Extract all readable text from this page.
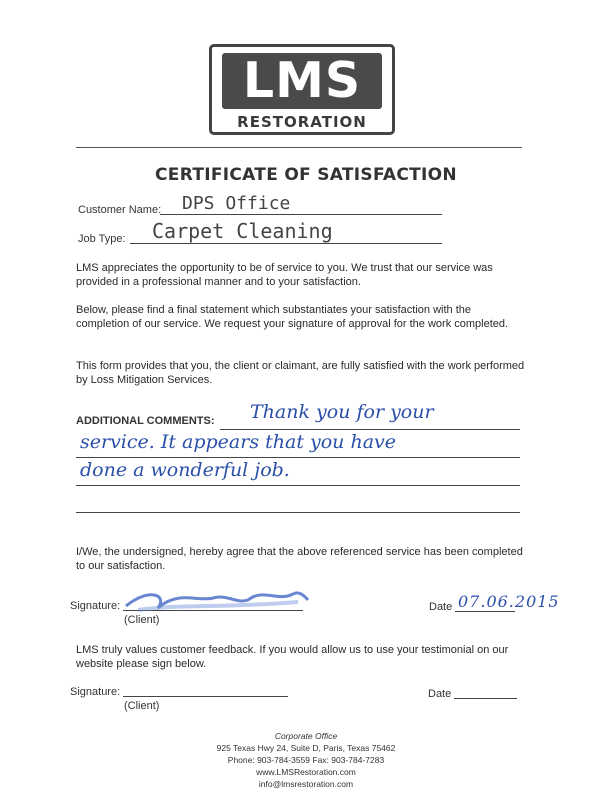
LMS
RESTORATION
CERTIFICATE OF SATISFACTION
Customer Name: DPS Office
Job Type: Carpet Cleaning
LMS appreciates the opportunity to be of service to you. We trust that our service was provided in a professional manner and to your satisfaction.
Below, please find a final statement which substantiates your satisfaction with the completion of our service. We request your signature of approval for the work completed.
This form provides that you, the client or claimant, are fully satisfied with the work performed by Loss Mitigation Services.
ADDITIONAL COMMENTS: Thank you for your
service. It appears that you have
done a wonderful job.
I/We, the undersigned, hereby agree that the above referenced service has been completed to our satisfaction.
Signature:
(Client)
Date 07.06.2015
LMS truly values customer feedback. If you would allow us to use your testimonial on our website please sign below.
Signature:
(Client)
Date
Corporate Office
925 Texas Hwy 24, Suite D, Paris, Texas 75462
Phone: 903-784-3559 Fax: 903-784-7283
www.LMSRestoration.com
info@lmsrestoration.com
